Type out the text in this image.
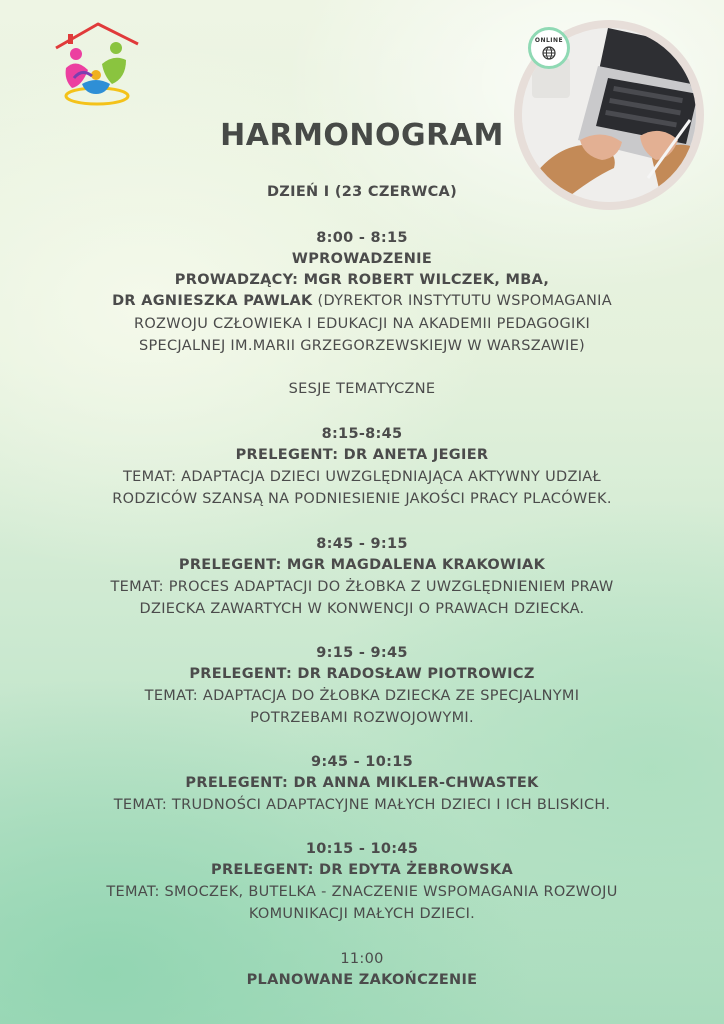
ONLINE
HARMONOGRAM
DZIEŃ I (23 CZERWCA)
8:00 - 8:15
WPROWADZENIE
PROWADZĄCY: MGR ROBERT WILCZEK, MBA,
DR AGNIESZKA PAWLAK (DYREKTOR INSTYTUTU WSPOMAGANIA
ROZWOJU CZŁOWIEKA I EDUKACJI NA AKADEMII PEDAGOGIKI
SPECJALNEJ IM.MARII GRZEGORZEWSKIEJW W WARSZAWIE)
SESJE TEMATYCZNE
8:15-8:45
PRELEGENT: DR ANETA JEGIER
TEMAT: ADAPTACJA DZIECI UWZGLĘDNIAJĄCA AKTYWNY UDZIAŁ
RODZICÓW SZANSĄ NA PODNIESIENIE JAKOŚCI PRACY PLACÓWEK.
8:45 - 9:15
PRELEGENT: MGR MAGDALENA KRAKOWIAK
TEMAT: PROCES ADAPTACJI DO ŻŁOBKA Z UWZGLĘDNIENIEM PRAW
DZIECKA ZAWARTYCH W KONWENCJI O PRAWACH DZIECKA.
9:15 - 9:45
PRELEGENT: DR RADOSŁAW PIOTROWICZ
TEMAT: ADAPTACJA DO ŻŁOBKA DZIECKA ZE SPECJALNYMI
POTRZEBAMI ROZWOJOWYMI.
9:45 - 10:15
PRELEGENT: DR ANNA MIKLER-CHWASTEK
TEMAT: TRUDNOŚCI ADAPTACYJNE MAŁYCH DZIECI I ICH BLISKICH.
10:15 - 10:45
PRELEGENT: DR EDYTA ŻEBROWSKA
TEMAT: SMOCZEK, BUTELKA - ZNACZENIE WSPOMAGANIA ROZWOJU
KOMUNIKACJI MAŁYCH DZIECI.
11:00
PLANOWANE ZAKOŃCZENIE
